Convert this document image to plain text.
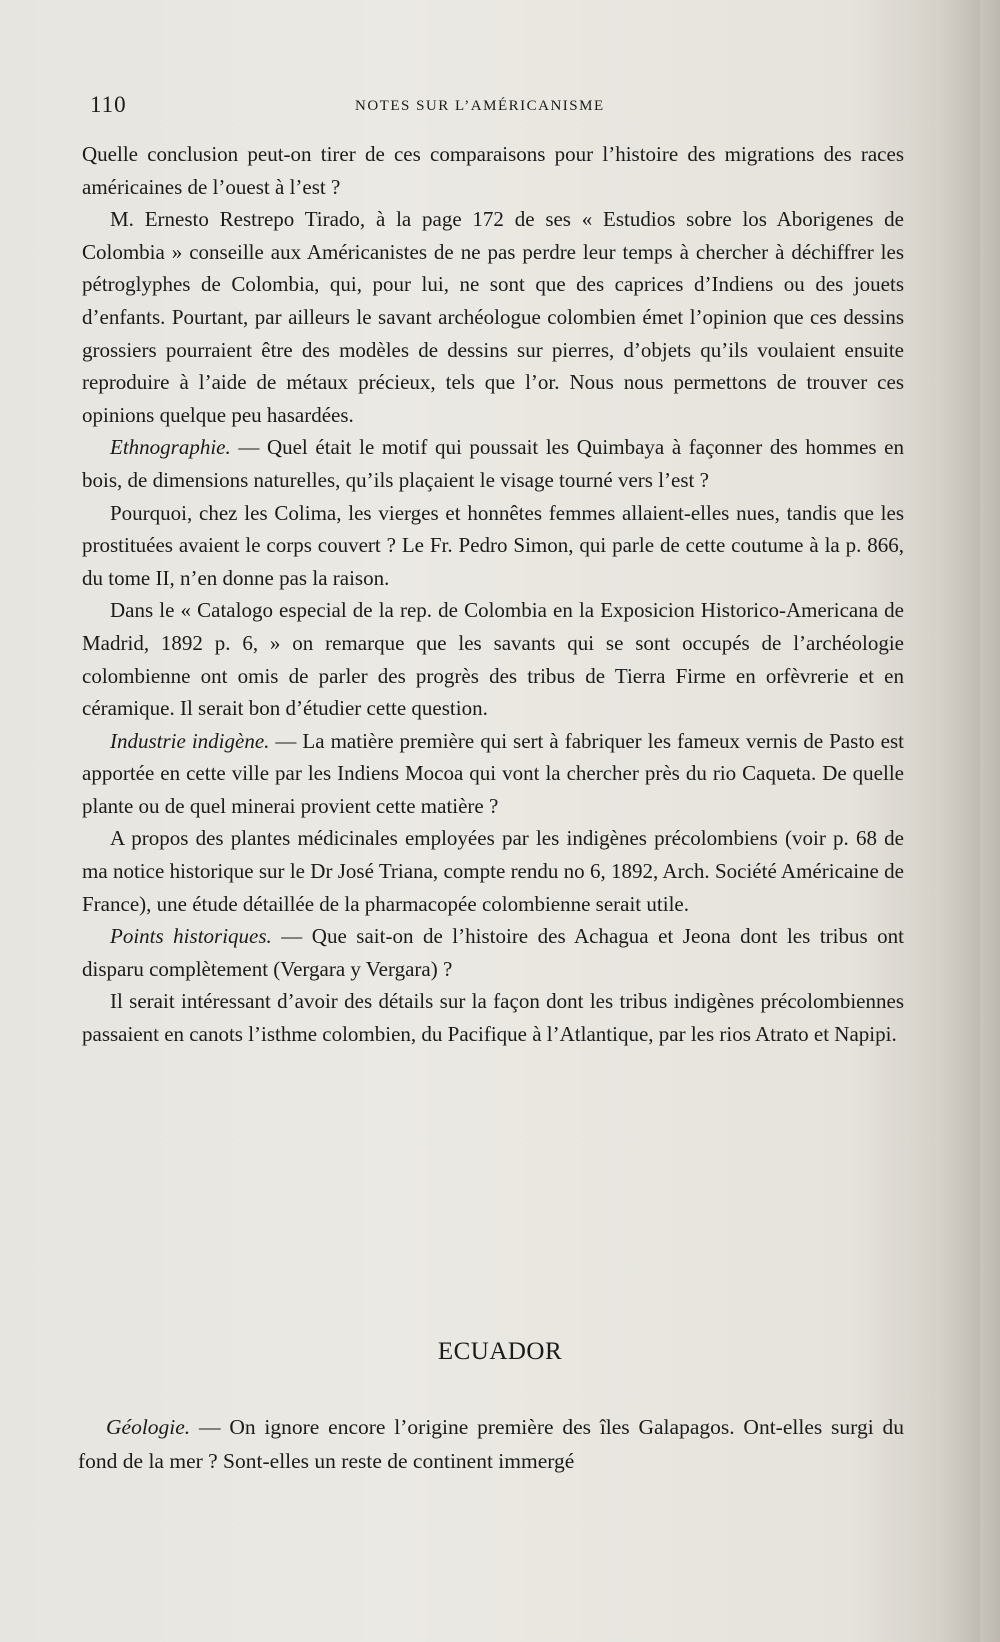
110	NOTES SUR L’AMÉRICANISME

Quelle conclusion peut-on tirer de ces comparaisons pour l’histoire des migrations des races américaines de l’ouest à l’est ?

M. Ernesto Restrepo Tirado, à la page 172 de ses « Estudios sobre los Aborigenes de Colombia » conseille aux Américanistes de ne pas perdre leur temps à chercher à déchiffrer les pétroglyphes de Colombia, qui, pour lui, ne sont que des caprices d’Indiens ou des jouets d’enfants. Pourtant, par ailleurs le savant archéologue colombien émet l’opinion que ces dessins grossiers pourraient être des modèles de dessins sur pierres, d’objets qu’ils voulaient ensuite reproduire à l’aide de métaux précieux, tels que l’or. Nous nous permettons de trouver ces opinions quelque peu hasardées.

Ethnographie. — Quel était le motif qui poussait les Quimbaya à façonner des hommes en bois, de dimensions naturelles, qu’ils plaçaient le visage tourné vers l’est ?

Pourquoi, chez les Colima, les vierges et honnêtes femmes allaient-elles nues, tandis que les prostituées avaient le corps couvert ? Le Fr. Pedro Simon, qui parle de cette coutume à la p. 866, du tome II, n’en donne pas la raison.

Dans le « Catalogo especial de la rep. de Colombia en la Exposicion Historico-Americana de Madrid, 1892 p. 6, » on remarque que les savants qui se sont occupés de l’archéologie colombienne ont omis de parler des progrès des tribus de Tierra Firme en orfèvrerie et en céramique. Il serait bon d’étudier cette question.

Industrie indigène. — La matière première qui sert à fabriquer les fameux vernis de Pasto est apportée en cette ville par les Indiens Mocoa qui vont la chercher près du rio Caqueta. De quelle plante ou de quel minerai provient cette matière ?

A propos des plantes médicinales employées par les indigènes précolombiens (voir p. 68 de ma notice historique sur le Dr José Triana, compte rendu no 6, 1892, Arch. Société Américaine de France), une étude détaillée de la pharmacopée colombienne serait utile.

Points historiques. — Que sait-on de l’histoire des Achagua et Jeona dont les tribus ont disparu complètement (Vergara y Vergara) ?

Il serait intéressant d’avoir des détails sur la façon dont les tribus indigènes précolombiennes passaient en canots l’isthme colombien, du Pacifique à l’Atlantique, par les rios Atrato et Napipi.

ECUADOR

Géologie. — On ignore encore l’origine première des îles Galapagos. Ont-elles surgi du fond de la mer ? Sont-elles un reste de continent immergé
